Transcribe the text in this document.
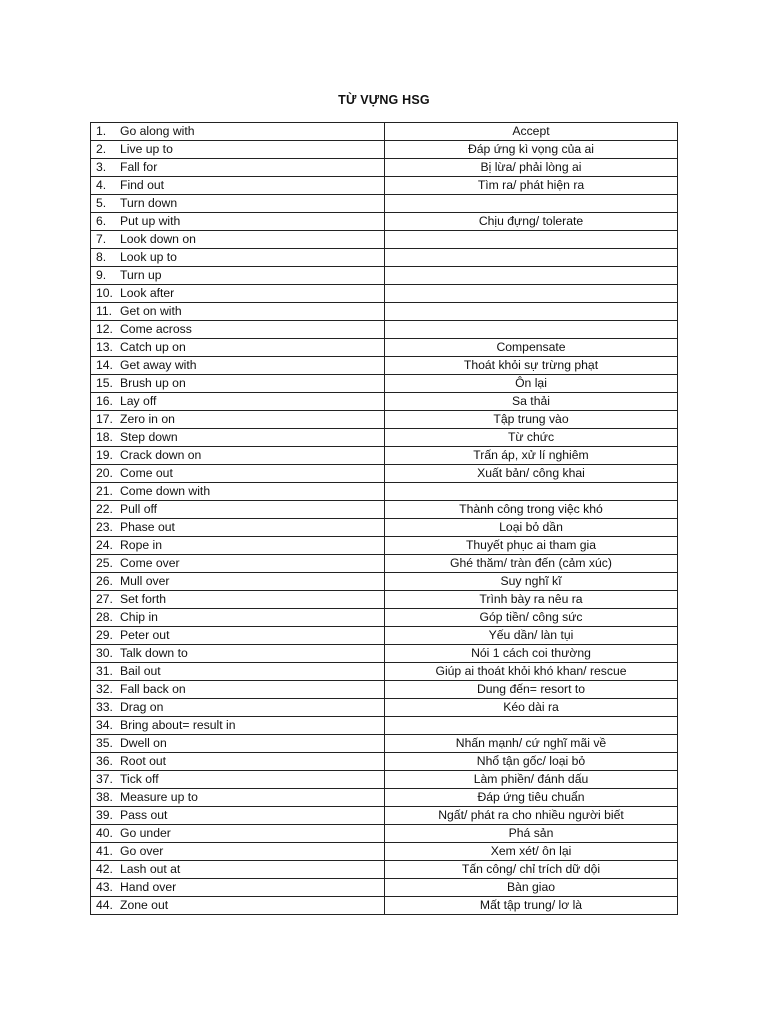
TỪ VỰNG HSG
1. Go along with	Accept
2. Live up to	Đáp ứng kì vọng của ai
3. Fall for	Bị lừa/ phải lòng ai
4. Find out	Tìm ra/ phát hiện ra
5. Turn down	
6. Put up with	Chịu đựng/ tolerate
7. Look down on	
8. Look up to	
9. Turn up	
10. Look after	
11. Get on with	
12. Come across	
13. Catch up on	Compensate
14. Get away with	Thoát khỏi sự trừng phạt
15. Brush up on	Ôn lại
16. Lay off	Sa thải
17. Zero in on	Tập trung vào
18. Step down	Từ chức
19. Crack down on	Trấn áp, xử lí nghiêm
20. Come out	Xuất bản/ công khai
21. Come down with	
22. Pull off	Thành công trong việc khó
23. Phase out	Loại bỏ dần
24. Rope in	Thuyết phục ai tham gia
25. Come over	Ghé thăm/ tràn đến (cảm xúc)
26. Mull over	Suy nghĩ kĩ
27. Set forth	Trình bày ra nêu ra
28. Chip in	Góp tiền/ công sức
29. Peter out	Yếu dần/ làn tụi
30. Talk down to	Nói 1 cách coi thường
31. Bail out	Giúp ai thoát khỏi khó khan/ rescue
32. Fall back on	Dung đến= resort to
33. Drag on	Kéo dài ra
34. Bring about= result in	
35. Dwell on	Nhấn mạnh/ cứ nghĩ mãi về
36. Root out	Nhổ tận gốc/ loại bỏ
37. Tick off	Làm phiền/ đánh dấu
38. Measure up to	Đáp ứng tiêu chuẩn
39. Pass out	Ngất/ phát ra cho nhiều người biết
40. Go under	Phá sản
41. Go over	Xem xét/ ôn lại
42. Lash out at	Tấn công/ chỉ trích dữ dội
43. Hand over	Bàn giao
44. Zone out	Mất tập trung/ lơ là
